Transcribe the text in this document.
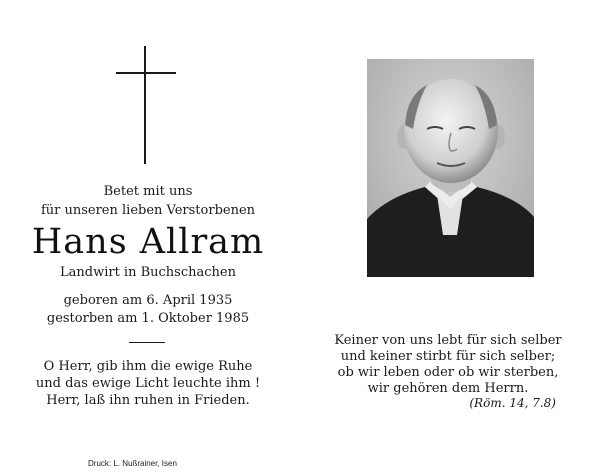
Betet mit uns
für unseren lieben Verstorbenen
Hans Allram
Landwirt in Buchschachen
geboren am 6. April 1935
gestorben am 1. Oktober 1985
O Herr, gib ihm die ewige Ruhe
und das ewige Licht leuchte ihm !
Herr, laß ihn ruhen in Frieden.
Keiner von uns lebt für sich selber
und keiner stirbt für sich selber;
ob wir leben oder ob wir sterben,
wir gehören dem Herrn.
(Röm. 14, 7.8)
Druck: L. Nußrainer, Isen
